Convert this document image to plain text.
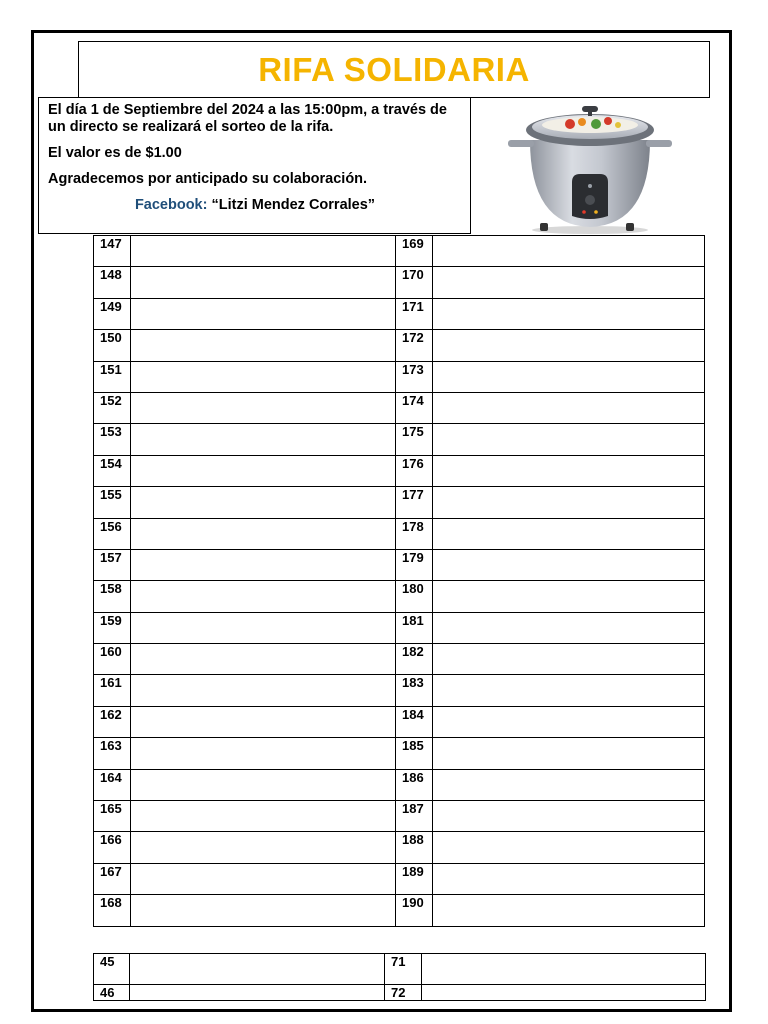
RIFA SOLIDARIA

El día 1 de Septiembre del 2024 a las 15:00pm, a través de un directo se realizará el sorteo de la rifa.

El valor es de $1.00

Agradecemos por anticipado su colaboración.

Facebook: “Litzi Mendez Corrales”

147		169	
148		170	
149		171	
150		172	
151		173	
152		174	
153		175	
154		176	
155		177	
156		178	
157		179	
158		180	
159		181	
160		182	
161		183	
162		184	
163		185	
164		186	
165		187	
166		188	
167		189	
168		190	
45		71	
46		72	
